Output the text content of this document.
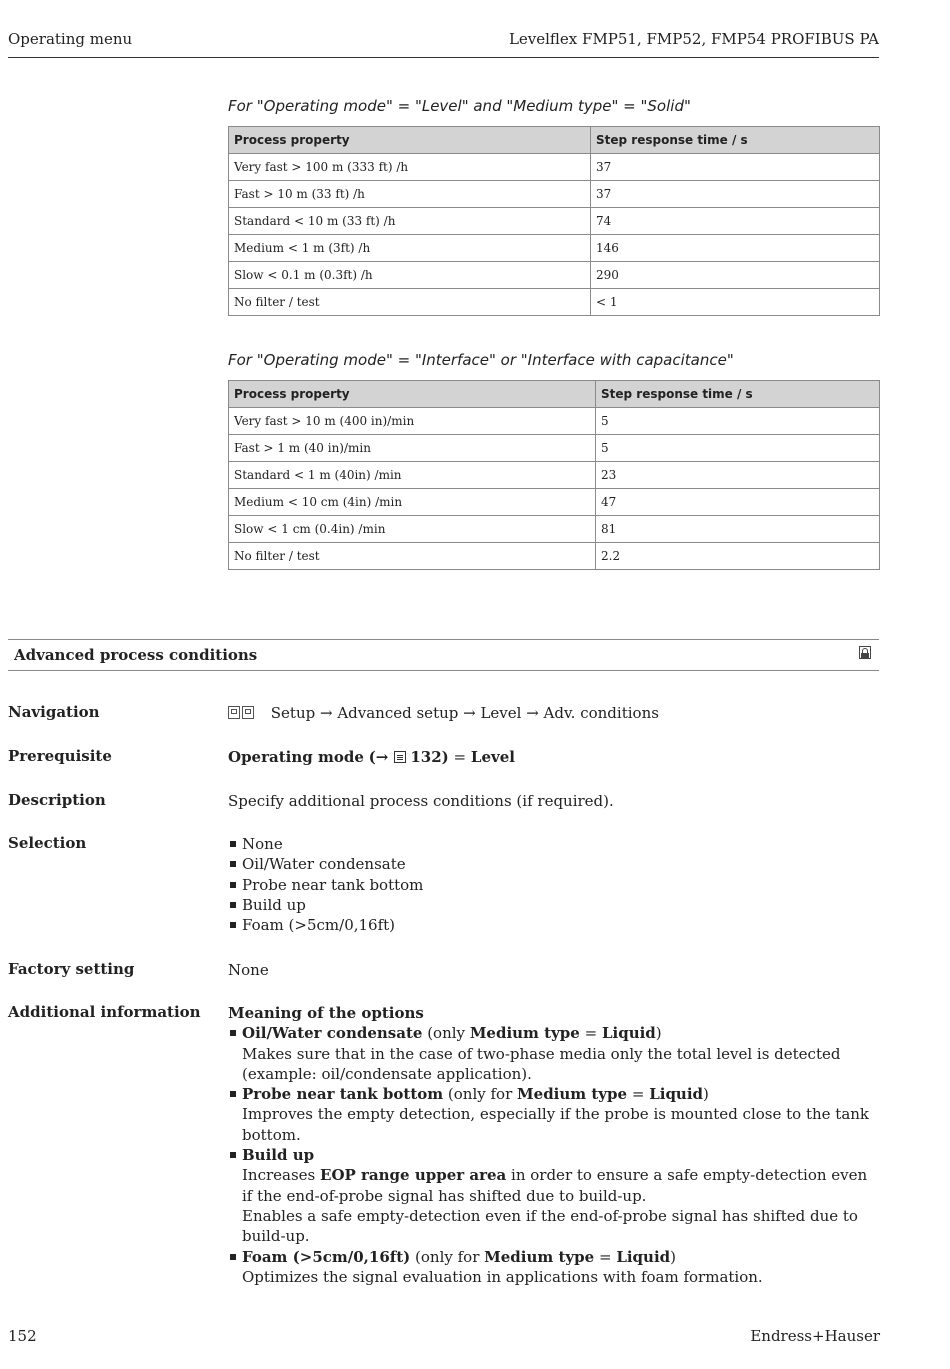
Operating menu	Levelflex FMP51, FMP52, FMP54 PROFIBUS PA
For "Operating mode" = "Level" and "Medium type" = "Solid"
Process property	Step response time / s
Very fast > 100 m (333 ft) /h	37
Fast > 10 m (33 ft) /h	37
Standard < 10 m (33 ft) /h	74
Medium < 1 m (3ft) /h	146
Slow < 0.1 m (0.3ft) /h	290
No filter / test	< 1
For "Operating mode" = "Interface" or "Interface with capacitance"
Process property	Step response time / s
Very fast > 10 m (400 in)/min	5
Fast > 1 m (40 in)/min	5
Standard < 1 m (40in) /min	23
Medium < 10 cm (4in) /min	47
Slow < 1 cm (0.4in) /min	81
No filter / test	2.2
Advanced process conditions
Navigation	Setup → Advanced setup → Level → Adv. conditions
Prerequisite	Operating mode (→ 132) = Level
Description	Specify additional process conditions (if required).
Selection	None
Oil/Water condensate
Probe near tank bottom
Build up
Foam (>5cm/0,16ft)
Factory setting	None
Additional information Meaning of the options
Oil/Water condensate (only Medium type = Liquid)
Makes sure that in the case of two-phase media only the total level is detected (example: oil/condensate application).
Probe near tank bottom (only for Medium type = Liquid)
Improves the empty detection, especially if the probe is mounted close to the tank bottom.
Build up
Increases EOP range upper area in order to ensure a safe empty-detection even if the end-of-probe signal has shifted due to build-up.
Enables a safe empty-detection even if the end-of-probe signal has shifted due to build-up.
Foam (>5cm/0,16ft) (only for Medium type = Liquid)
Optimizes the signal evaluation in applications with foam formation.
152	Endress+Hauser
